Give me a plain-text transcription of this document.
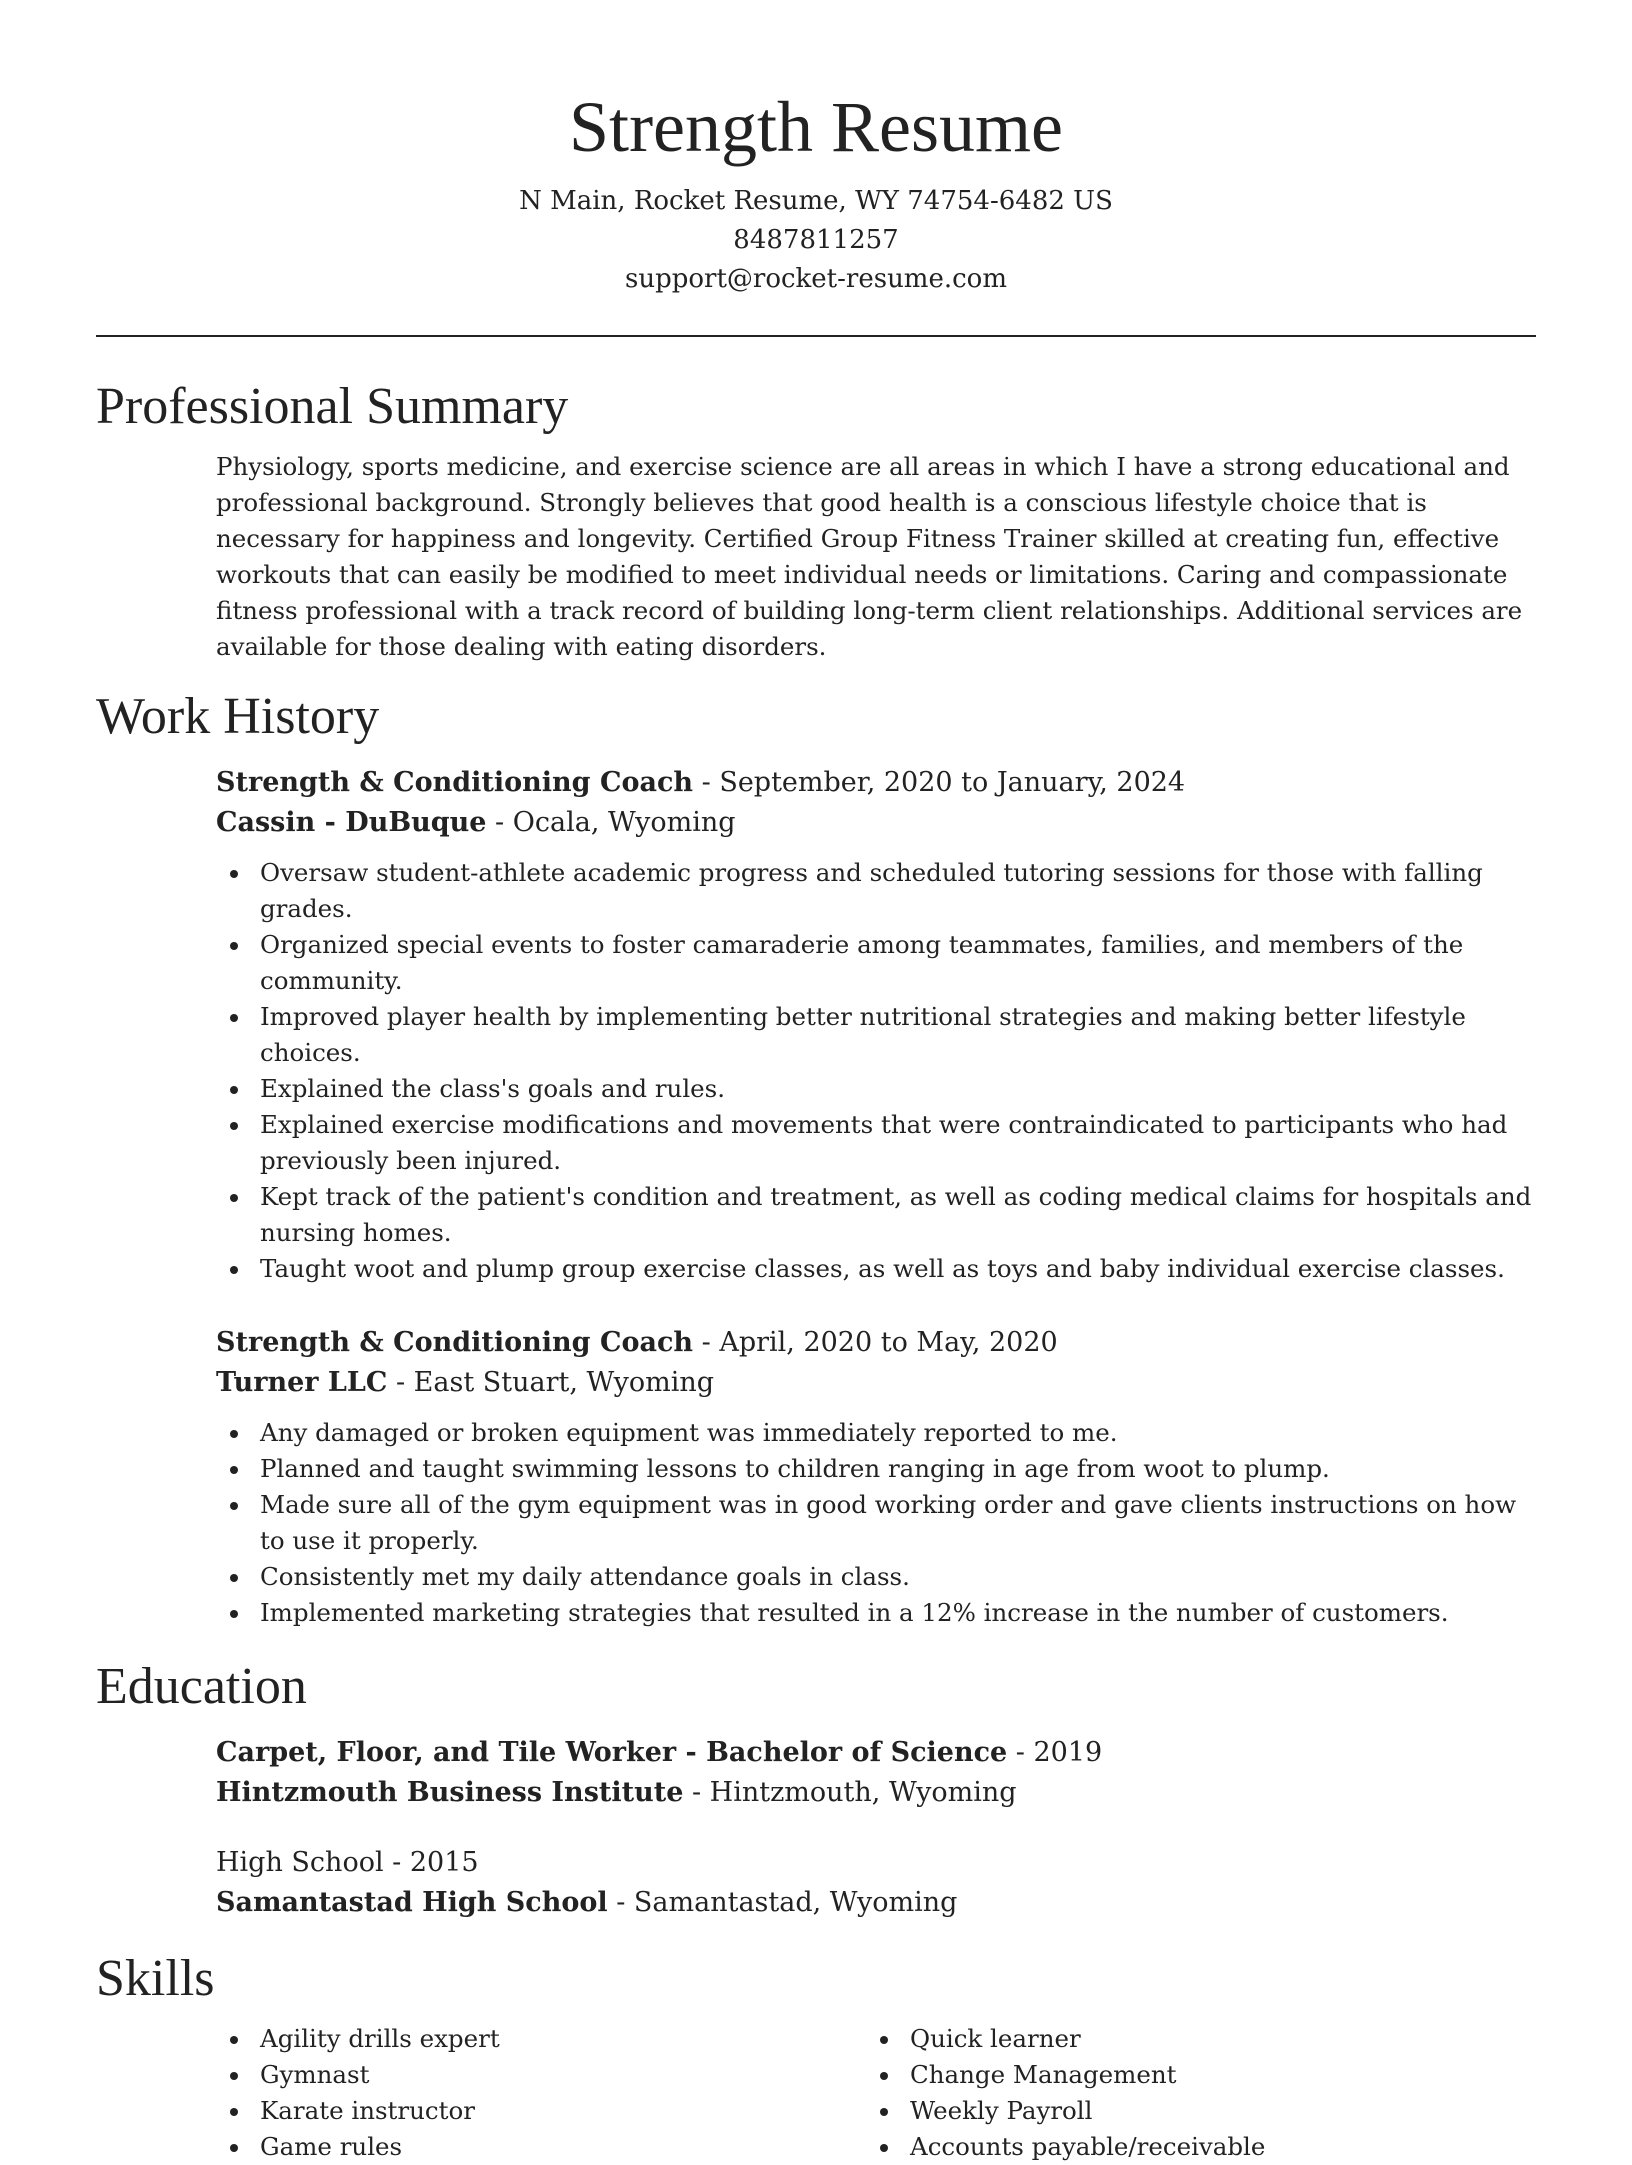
Strength Resume
N Main, Rocket Resume, WY 74754-6482 US
8487811257
support@rocket-resume.com
Professional Summary

Physiology, sports medicine, and exercise science are all areas in which I have a strong educational and professional background. Strongly believes that good health is a conscious lifestyle choice that is necessary for happiness and longevity. Certified Group Fitness Trainer skilled at creating fun, effective workouts that can easily be modified to meet individual needs or limitations. Caring and compassionate fitness professional with a track record of building long-term client relationships. Additional services are available for those dealing with eating disorders.

Work History
Strength & Conditioning Coach - September, 2020 to January, 2024
Cassin - DuBuque - Ocala, Wyoming
Oversaw student-athlete academic progress and scheduled tutoring sessions for those with falling grades.
Organized special events to foster camaraderie among teammates, families, and members of the community.
Improved player health by implementing better nutritional strategies and making better lifestyle choices.
Explained the class's goals and rules.
Explained exercise modifications and movements that were contraindicated to participants who had previously been injured.
Kept track of the patient's condition and treatment, as well as coding medical claims for hospitals and nursing homes.
Taught woot and plump group exercise classes, as well as toys and baby individual exercise classes.
Strength & Conditioning Coach - April, 2020 to May, 2020
Turner LLC - East Stuart, Wyoming
Any damaged or broken equipment was immediately reported to me.
Planned and taught swimming lessons to children ranging in age from woot to plump.
Made sure all of the gym equipment was in good working order and gave clients instructions on how to use it properly.
Consistently met my daily attendance goals in class.
Implemented marketing strategies that resulted in a 12% increase in the number of customers.
Education
Carpet, Floor, and Tile Worker - Bachelor of Science - 2019
Hintzmouth Business Institute - Hintzmouth, Wyoming
High School - 2015
Samantastad High School - Samantastad, Wyoming
Skills
Agility drills expert
Gymnast
Karate instructor
Game rules
Quick learner
Change Management
Weekly Payroll
Accounts payable/receivable
